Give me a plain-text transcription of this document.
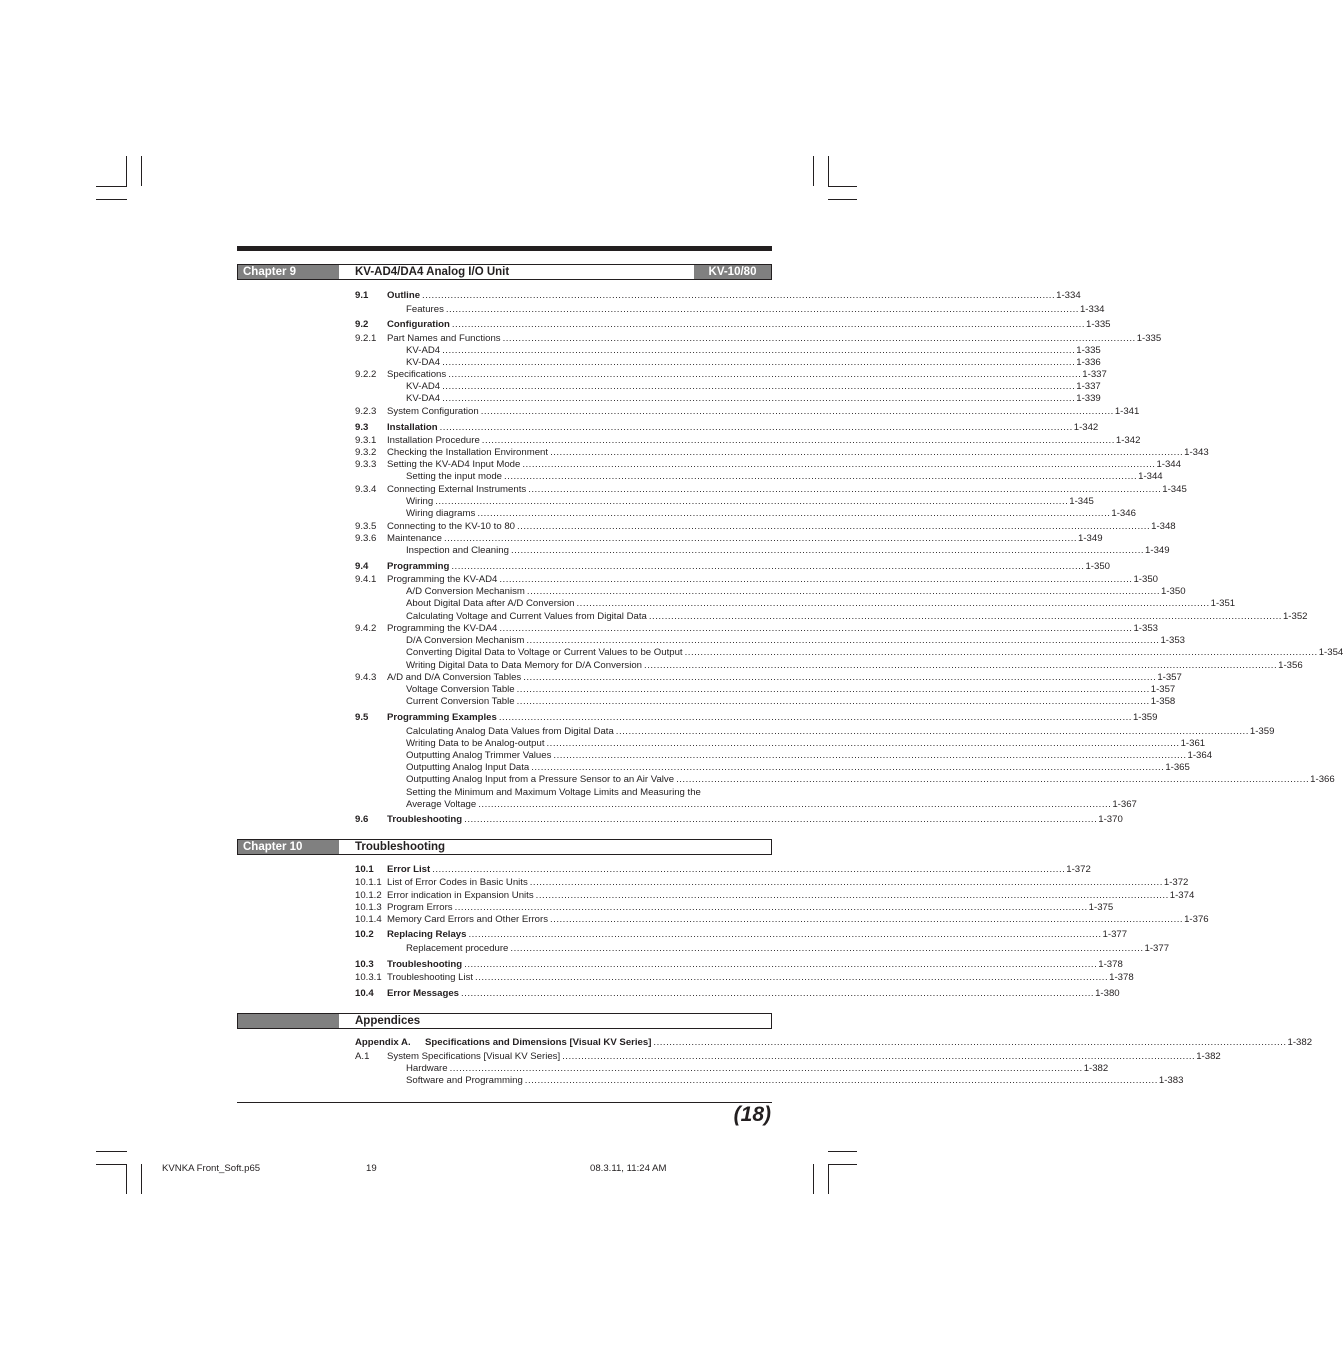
Chapter 9	KV-AD4/DA4 Analog I/O Unit	KV-10/80
9.1 Outline ........................................................................................................................................................................................................ 1-334
Features ........................................................................................................................................................................................................ 1-334
9.2 Configuration ........................................................................................................................................................................................................ 1-335
9.2.1 Part Names and Functions ........................................................................................................................................................................................................ 1-335
KV-AD4 ........................................................................................................................................................................................................ 1-335
KV-DA4 ........................................................................................................................................................................................................ 1-336
9.2.2 Specifications ........................................................................................................................................................................................................ 1-337
KV-AD4 ........................................................................................................................................................................................................ 1-337
KV-DA4 ........................................................................................................................................................................................................ 1-339
9.2.3 System Configuration ........................................................................................................................................................................................................ 1-341
9.3 Installation ........................................................................................................................................................................................................ 1-342
9.3.1 Installation Procedure ........................................................................................................................................................................................................ 1-342
9.3.2 Checking the Installation Environment ........................................................................................................................................................................................................ 1-343
9.3.3 Setting the KV-AD4 Input Mode ........................................................................................................................................................................................................ 1-344
Setting the input mode ........................................................................................................................................................................................................ 1-344
9.3.4 Connecting External Instruments ........................................................................................................................................................................................................ 1-345
Wiring ........................................................................................................................................................................................................ 1-345
Wiring diagrams ........................................................................................................................................................................................................ 1-346
9.3.5 Connecting to the KV-10 to 80 ........................................................................................................................................................................................................ 1-348
9.3.6 Maintenance ........................................................................................................................................................................................................ 1-349
Inspection and Cleaning ........................................................................................................................................................................................................ 1-349
9.4 Programming ........................................................................................................................................................................................................ 1-350
9.4.1 Programming the KV-AD4 ........................................................................................................................................................................................................ 1-350
A/D Conversion Mechanism ........................................................................................................................................................................................................ 1-350
About Digital Data after A/D Conversion ........................................................................................................................................................................................................ 1-351
Calculating Voltage and Current Values from Digital Data ........................................................................................................................................................................................................ 1-352
9.4.2 Programming the KV-DA4 ........................................................................................................................................................................................................ 1-353
D/A Conversion Mechanism ........................................................................................................................................................................................................ 1-353
Converting Digital Data to Voltage or Current Values to be Output ........................................................................................................................................................................................................ 1-354
Writing Digital Data to Data Memory for D/A Conversion ........................................................................................................................................................................................................ 1-356
9.4.3 A/D and D/A Conversion Tables ........................................................................................................................................................................................................ 1-357
Voltage Conversion Table ........................................................................................................................................................................................................ 1-357
Current Conversion Table ........................................................................................................................................................................................................ 1-358
9.5 Programming Examples ........................................................................................................................................................................................................ 1-359
Calculating Analog Data Values from Digital Data ........................................................................................................................................................................................................ 1-359
Writing Data to be Analog-output ........................................................................................................................................................................................................ 1-361
Outputting Analog Trimmer Values ........................................................................................................................................................................................................ 1-364
Outputting Analog Input Data ........................................................................................................................................................................................................ 1-365
Outputting Analog Input from a Pressure Sensor to an Air Valve ........................................................................................................................................................................................................ 1-366
Setting the Minimum and Maximum Voltage Limits and Measuring the
Average Voltage ........................................................................................................................................................................................................ 1-367
9.6 Troubleshooting ........................................................................................................................................................................................................ 1-370
Chapter 10	Troubleshooting
10.1 Error List ........................................................................................................................................................................................................ 1-372
10.1.1 List of Error Codes in Basic Units ........................................................................................................................................................................................................ 1-372
10.1.2 Error indication in Expansion Units ........................................................................................................................................................................................................ 1-374
10.1.3 Program Errors ........................................................................................................................................................................................................ 1-375
10.1.4 Memory Card Errors and Other Errors ........................................................................................................................................................................................................ 1-376
10.2 Replacing Relays ........................................................................................................................................................................................................ 1-377
Replacement procedure ........................................................................................................................................................................................................ 1-377
10.3 Troubleshooting ........................................................................................................................................................................................................ 1-378
10.3.1 Troubleshooting List ........................................................................................................................................................................................................ 1-378
10.4 Error Messages ........................................................................................................................................................................................................ 1-380
Appendices
Appendix A. Specifications and Dimensions [Visual KV Series] ........................................................................................................................................................................................................ 1-382
A.1 System Specifications [Visual KV Series] ........................................................................................................................................................................................................ 1-382
Hardware ........................................................................................................................................................................................................ 1-382
Software and Programming ........................................................................................................................................................................................................ 1-383
(18)
KVNKA Front_Soft.p65	19	08.3.11, 11:24 AM
